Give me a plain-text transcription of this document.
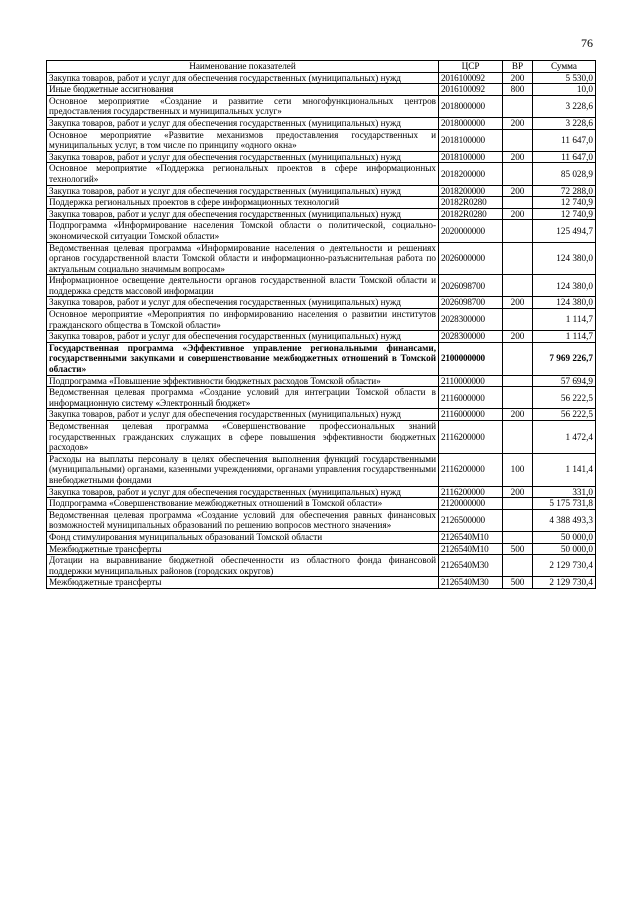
76
Наименование показателей	ЦСР	ВР	Сумма
Закупка товаров, работ и услуг для обеспечения государственных (муниципальных) нужд	2016100092	200	5 530,0
Иные бюджетные ассигнования	2016100092	800	10,0
Основное мероприятие «Создание и развитие сети многофункциональных центров предоставления государственных и муниципальных услуг»	2018000000		3 228,6
Закупка товаров, работ и услуг для обеспечения государственных (муниципальных) нужд	2018000000	200	3 228,6
Основное мероприятие «Развитие механизмов предоставления государственных и муниципальных услуг, в том числе по принципу «одного окна»	2018100000		11 647,0
Закупка товаров, работ и услуг для обеспечения государственных (муниципальных) нужд	2018100000	200	11 647,0
Основное мероприятие «Поддержка региональных проектов в сфере информационных технологий»	2018200000		85 028,9
Закупка товаров, работ и услуг для обеспечения государственных (муниципальных) нужд	2018200000	200	72 288,0
Поддержка региональных проектов в сфере информационных технологий	20182R0280		12 740,9
Закупка товаров, работ и услуг для обеспечения государственных (муниципальных) нужд	20182R0280	200	12 740,9
Подпрограмма «Информирование населения Томской области о политической, социально-экономической ситуации Томской области»	2020000000		125 494,7
Ведомственная целевая программа «Информирование населения о деятельности и решениях органов государственной власти Томской области и информационно-разъяснительная работа по актуальным социально значимым вопросам»	2026000000		124 380,0
Информационное освещение деятельности органов государственной власти Томской области и поддержка средств массовой информации	2026098700		124 380,0
Закупка товаров, работ и услуг для обеспечения государственных (муниципальных) нужд	2026098700	200	124 380,0
Основное мероприятие «Мероприятия по информированию населения о развитии институтов гражданского общества в Томской области»	2028300000		1 114,7
Закупка товаров, работ и услуг для обеспечения государственных (муниципальных) нужд	2028300000	200	1 114,7
Государственная программа «Эффективное управление региональными финансами, государственными закупками и совершенствование межбюджетных отношений в Томской области»	2100000000		7 969 226,7
Подпрограмма «Повышение эффективности бюджетных расходов Томской области»	2110000000		57 694,9
Ведомственная целевая программа «Создание условий для интеграции Томской области в информационную систему «Электронный бюджет»	2116000000		56 222,5
Закупка товаров, работ и услуг для обеспечения государственных (муниципальных) нужд	2116000000	200	56 222,5
Ведомственная целевая программа «Совершенствование профессиональных знаний государственных гражданских служащих в сфере повышения эффективности бюджетных расходов»	2116200000		1 472,4
Расходы на выплаты персоналу в целях обеспечения выполнения функций государственными (муниципальными) органами, казенными учреждениями, органами управления государственными внебюджетными фондами	2116200000	100	1 141,4
Закупка товаров, работ и услуг для обеспечения государственных (муниципальных) нужд	2116200000	200	331,0
Подпрограмма «Совершенствование межбюджетных отношений в Томской области»	2120000000		5 175 731,8
Ведомственная целевая программа «Создание условий для обеспечения равных финансовых возможностей муниципальных образований по решению вопросов местного значения»	2126500000		4 388 493,3
Фонд стимулирования муниципальных образований Томской области	2126540М10		50 000,0
Межбюджетные трансферты	2126540М10	500	50 000,0
Дотации на выравнивание бюджетной обеспеченности из областного фонда финансовой поддержки муниципальных районов (городских округов)	2126540М30		2 129 730,4
Межбюджетные трансферты	2126540М30	500	2 129 730,4
